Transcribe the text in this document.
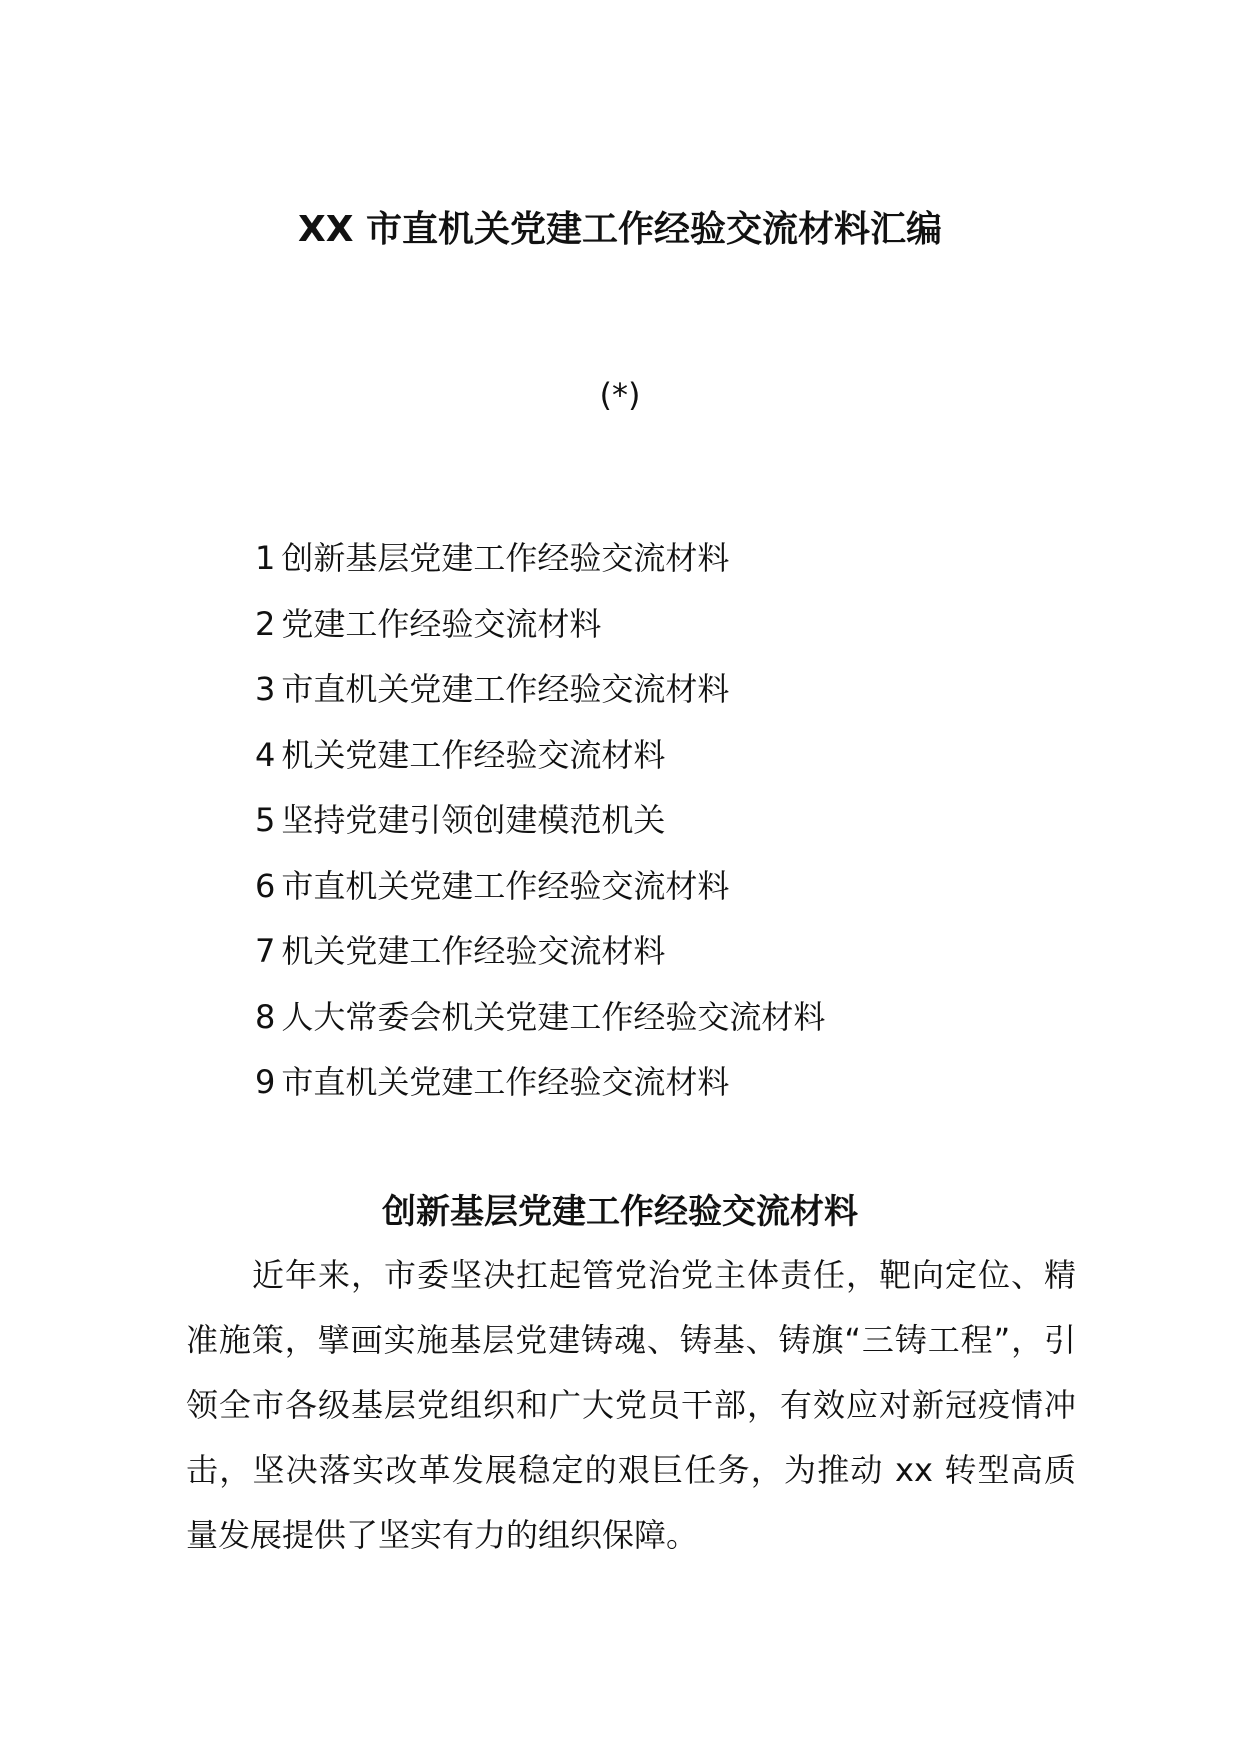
XX 市直机关党建工作经验交流材料汇编

(*)

1 创新基层党建工作经验交流材料
2 党建工作经验交流材料
3 市直机关党建工作经验交流材料
4 机关党建工作经验交流材料
5 坚持党建引领创建模范机关
6 市直机关党建工作经验交流材料
7 机关党建工作经验交流材料
8 人大常委会机关党建工作经验交流材料
9 市直机关党建工作经验交流材料
创新基层党建工作经验交流材料

近年来，市委坚决扛起管党治党主体责任，靶向定位、精准施策，擘画实施基层党建铸魂、铸基、铸旗“三铸工程”，引领全市各级基层党组织和广大党员干部，有效应对新冠疫情冲击，坚决落实改革发展稳定的艰巨任务，为推动 xx 转型高质量发展提供了坚实有力的组织保障。
